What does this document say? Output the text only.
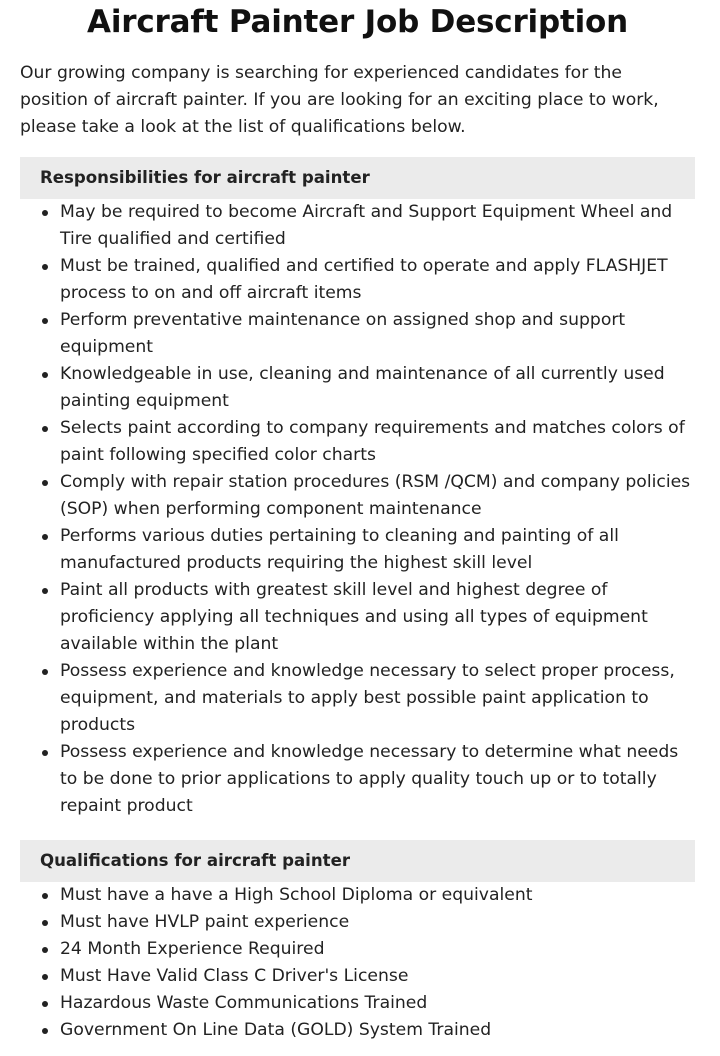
Aircraft Painter Job Description

Our growing company is searching for experienced candidates for the position of aircraft painter. If you are looking for an exciting place to work, please take a look at the list of qualifications below.

Responsibilities for aircraft painter
May be required to become Aircraft and Support Equipment Wheel and Tire qualified and certified
Must be trained, qualified and certified to operate and apply FLASHJET process to on and off aircraft items
Perform preventative maintenance on assigned shop and support equipment
Knowledgeable in use, cleaning and maintenance of all currently used painting equipment
Selects paint according to company requirements and matches colors of paint following specified color charts
Comply with repair station procedures (RSM /QCM) and company policies (SOP) when performing component maintenance
Performs various duties pertaining to cleaning and painting of all manufactured products requiring the highest skill level
Paint all products with greatest skill level and highest degree of proficiency applying all techniques and using all types of equipment available within the plant
Possess experience and knowledge necessary to select proper process, equipment, and materials to apply best possible paint application to products
Possess experience and knowledge necessary to determine what needs to be done to prior applications to apply quality touch up or to totally repaint product
Qualifications for aircraft painter
Must have a have a High School Diploma or equivalent
Must have HVLP paint experience
24 Month Experience Required
Must Have Valid Class C Driver's License
Hazardous Waste Communications Trained
Government On Line Data (GOLD) System Trained
